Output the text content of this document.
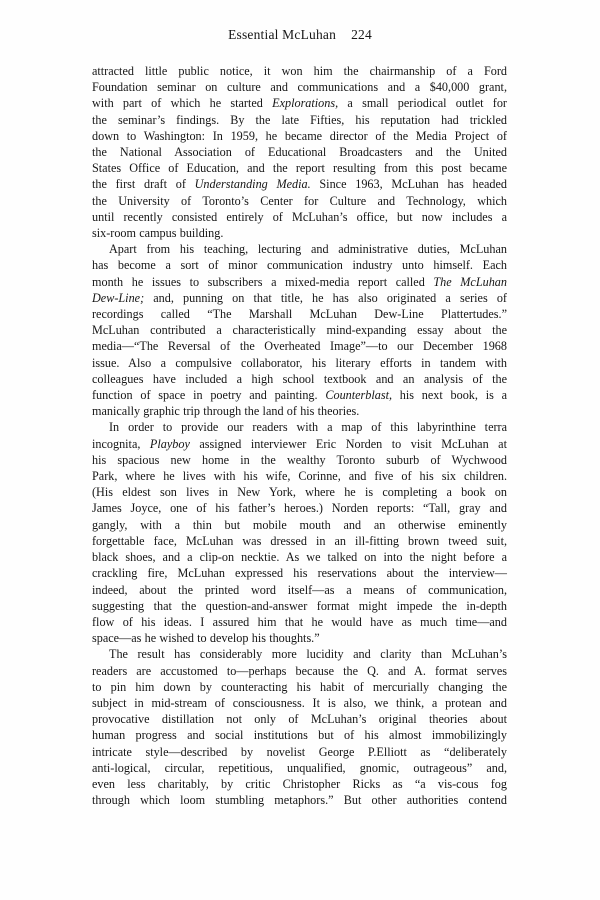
Essential McLuhan 224
attracted little public notice, it won him the chairmanship of a Ford
Foundation seminar on culture and communications and a $40,000 grant,
with part of which he started Explorations, a small periodical outlet for
the seminar’s findings. By the late Fifties, his reputation had trickled
down to Washington: In 1959, he became director of the Media Project of
the National Association of Educational Broadcasters and the United
States Office of Education, and the report resulting from this post became
the first draft of Understanding Media. Since 1963, McLuhan has headed
the University of Toronto’s Center for Culture and Technology, which
until recently consisted entirely of McLuhan’s office, but now includes a
six-room campus building.
Apart from his teaching, lecturing and administrative duties, McLuhan
has become a sort of minor communication industry unto himself. Each
month he issues to subscribers a mixed-media report called The McLuhan
Dew-Line; and, punning on that title, he has also originated a series of
recordings called “The Marshall McLuhan Dew-Line Plattertudes.”
McLuhan contributed a characteristically mind-expanding essay about the
media—“The Reversal of the Overheated Image”—to our December 1968
issue. Also a compulsive collaborator, his literary efforts in tandem with
colleagues have included a high school textbook and an analysis of the
function of space in poetry and painting. Counterblast, his next book, is a
manically graphic trip through the land of his theories.
In order to provide our readers with a map of this labyrinthine terra
incognita, Playboy assigned interviewer Eric Norden to visit McLuhan at
his spacious new home in the wealthy Toronto suburb of Wychwood
Park, where he lives with his wife, Corinne, and five of his six children.
(His eldest son lives in New York, where he is completing a book on
James Joyce, one of his father’s heroes.) Norden reports: “Tall, gray and
gangly, with a thin but mobile mouth and an otherwise eminently
forgettable face, McLuhan was dressed in an ill-fitting brown tweed suit,
black shoes, and a clip-on necktie. As we talked on into the night before a
crackling fire, McLuhan expressed his reservations about the interview—
indeed, about the printed word itself—as a means of communication,
suggesting that the question-and-answer format might impede the in-depth
flow of his ideas. I assured him that he would have as much time—and
space—as he wished to develop his thoughts.”
The result has considerably more lucidity and clarity than McLuhan’s
readers are accustomed to—perhaps because the Q. and A. format serves
to pin him down by counteracting his habit of mercurially changing the
subject in mid-stream of consciousness. It is also, we think, a protean and
provocative distillation not only of McLuhan’s original theories about
human progress and social institutions but of his almost immobilizingly
intricate style—described by novelist George P.Elliott as “deliberately
anti-logical, circular, repetitious, unqualified, gnomic, outrageous” and,
even less charitably, by critic Christopher Ricks as “a vis-cous fog
through which loom stumbling metaphors.” But other authorities contend
